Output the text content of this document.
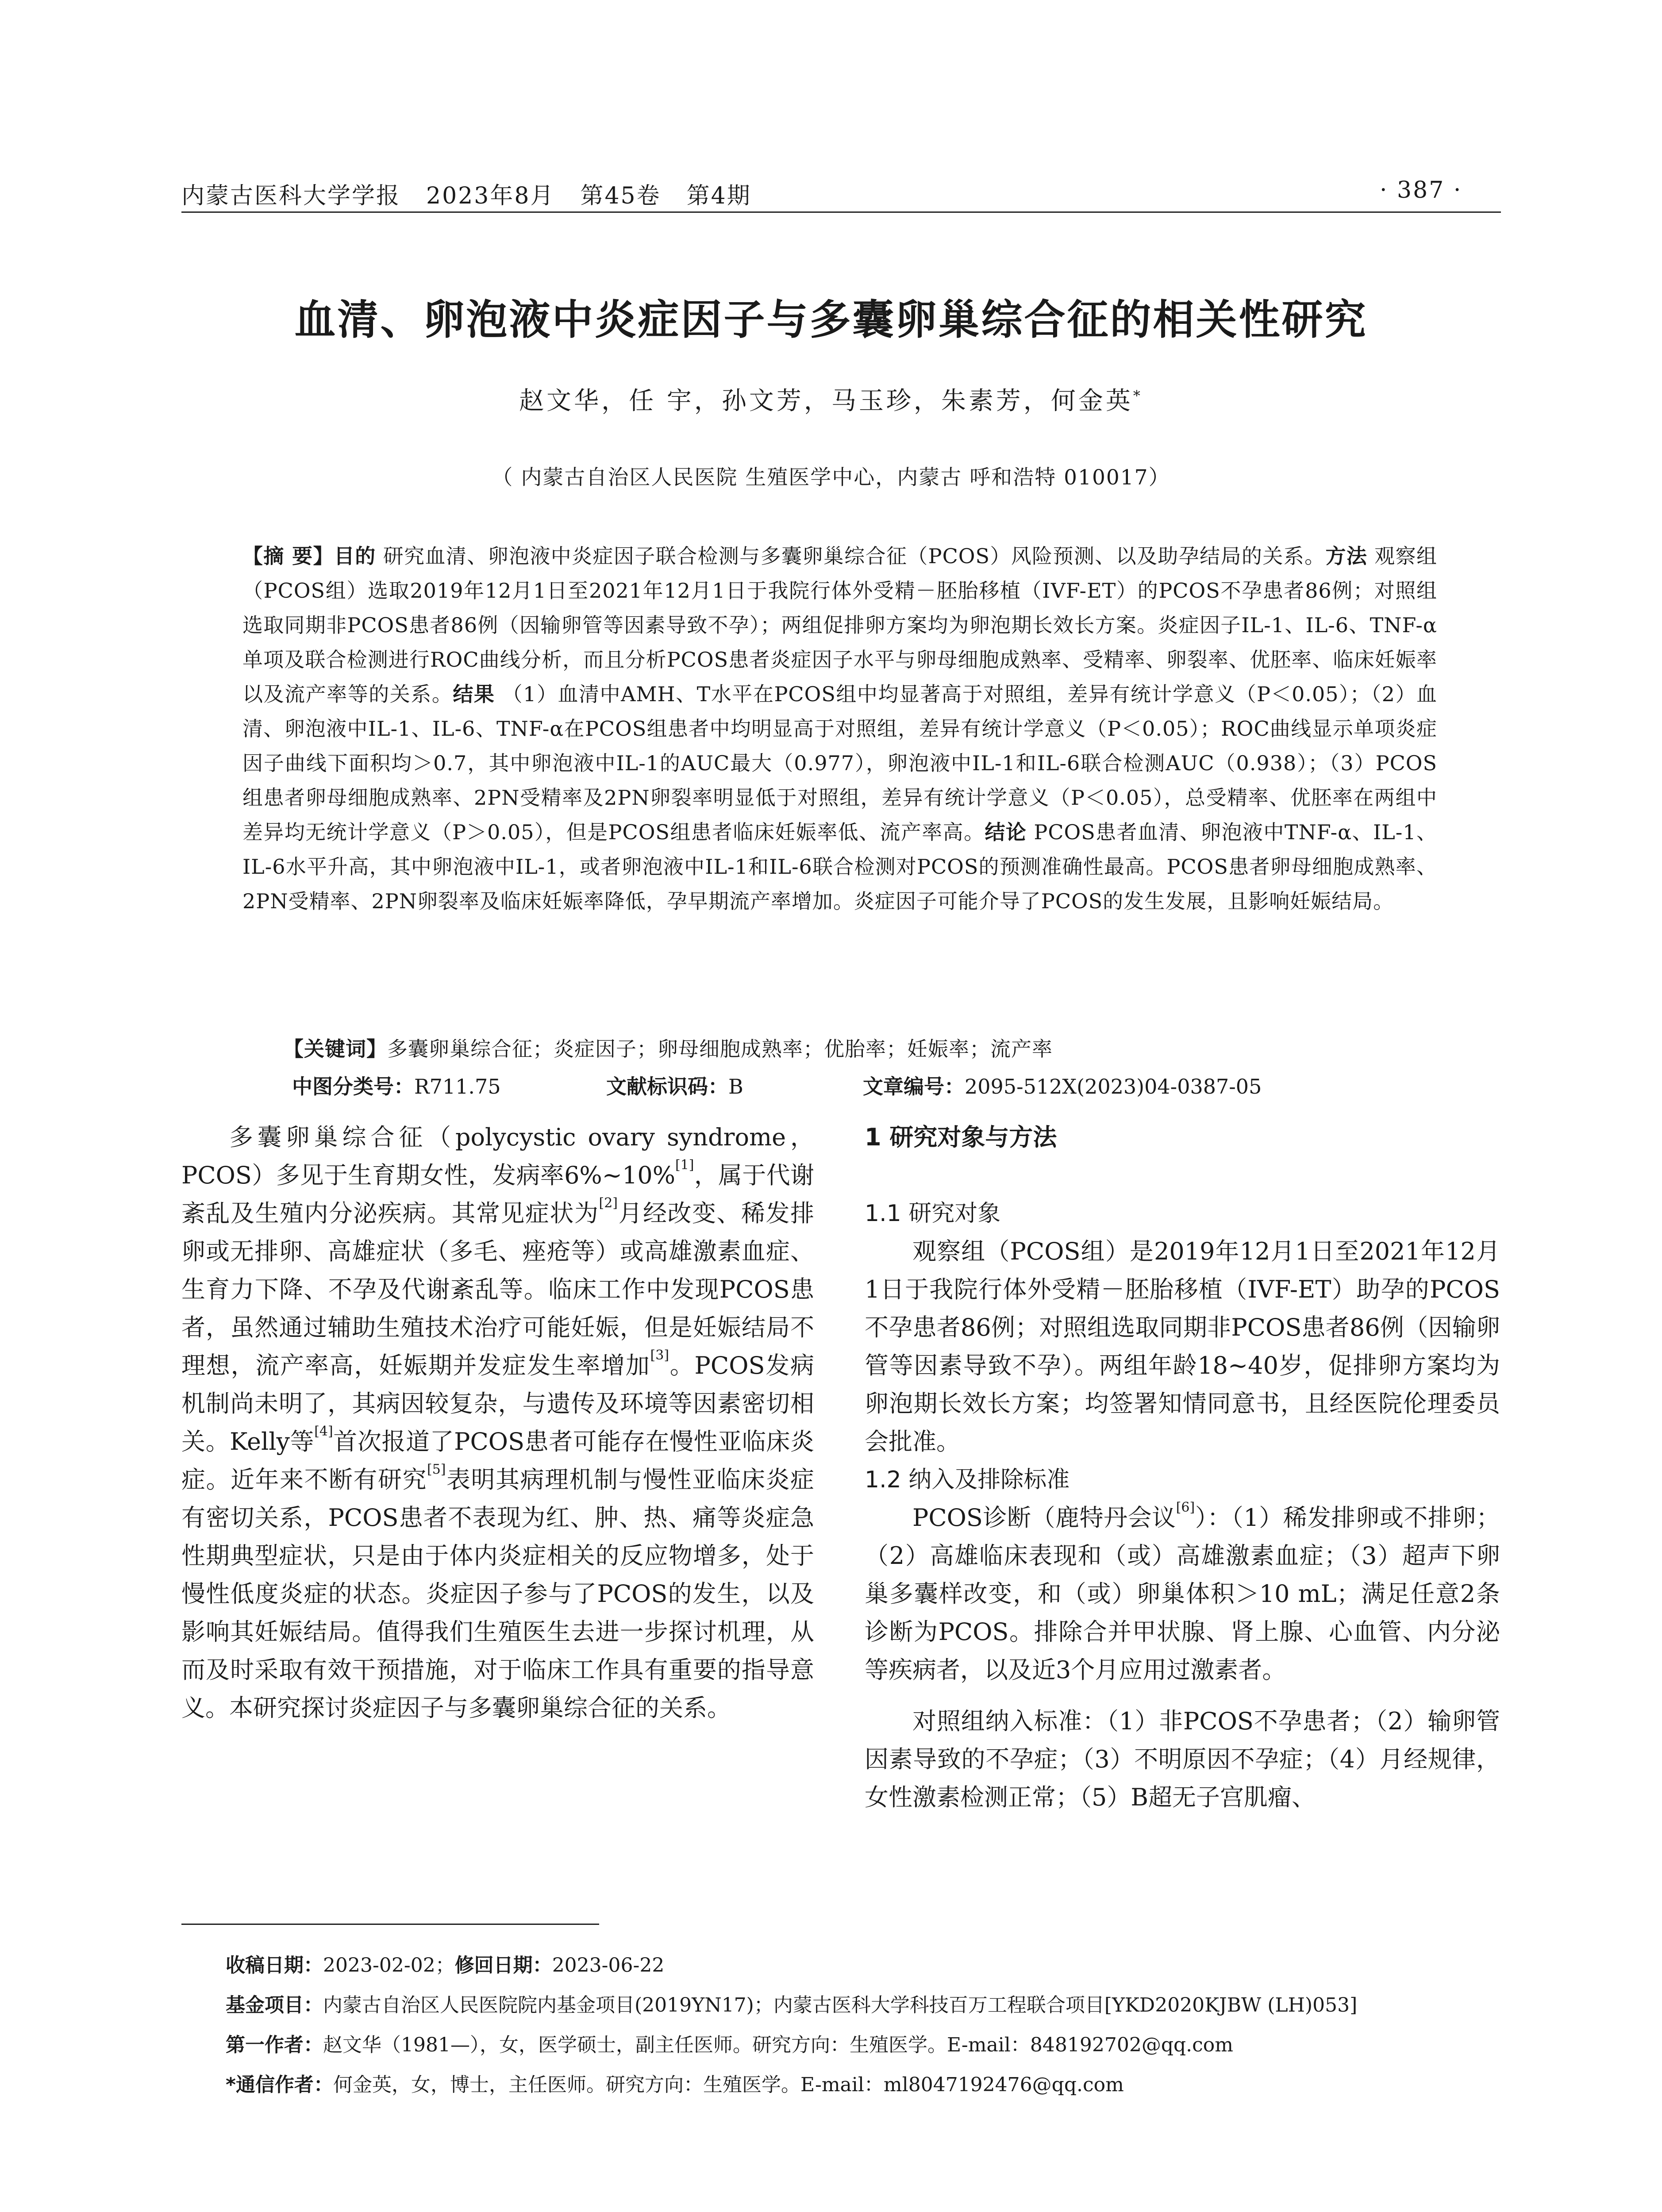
内蒙古医科大学学报 2023年8月 第45卷 第4期	· 387 ·
血清、卵泡液中炎症因子与多囊卵巢综合征的相关性研究
赵文华，任 宇，孙文芳，马玉珍，朱素芳，何金英*
（ 内蒙古自治区人民医院 生殖医学中心，内蒙古 呼和浩特 010017）
【摘 要】目的 研究血清、卵泡液中炎症因子联合检测与多囊卵巢综合征（PCOS）风险预测、以及助孕结局的关系。方法 观察组（PCOS组）选取2019年12月1日至2021年12月1日于我院行体外受精－胚胎移植（IVF-ET）的PCOS不孕患者86例；对照组选取同期非PCOS患者86例（因输卵管等因素导致不孕）；两组促排卵方案均为卵泡期长效长方案。炎症因子IL-1、IL-6、TNF-α单项及联合检测进行ROC曲线分析，而且分析PCOS患者炎症因子水平与卵母细胞成熟率、受精率、卵裂率、优胚率、临床妊娠率以及流产率等的关系。结果 （1）血清中AMH、T水平在PCOS组中均显著高于对照组，差异有统计学意义（P＜0.05）；（2）血清、卵泡液中IL-1、IL-6、TNF-α在PCOS组患者中均明显高于对照组，差异有统计学意义（P＜0.05）；ROC曲线显示单项炎症因子曲线下面积均＞0.7，其中卵泡液中IL-1的AUC最大（0.977），卵泡液中IL-1和IL-6联合检测AUC（0.938）；（3）PCOS组患者卵母细胞成熟率、2PN受精率及2PN卵裂率明显低于对照组，差异有统计学意义（P＜0.05），总受精率、优胚率在两组中差异均无统计学意义（P＞0.05），但是PCOS组患者临床妊娠率低、流产率高。结论 PCOS患者血清、卵泡液中TNF-α、IL-1、IL-6水平升高，其中卵泡液中IL-1，或者卵泡液中IL-1和IL-6联合检测对PCOS的预测准确性最高。PCOS患者卵母细胞成熟率、2PN受精率、2PN卵裂率及临床妊娠率降低，孕早期流产率增加。炎症因子可能介导了PCOS的发生发展，且影响妊娠结局。
【关键词】多囊卵巢综合征；炎症因子；卵母细胞成熟率；优胎率；妊娠率；流产率
中图分类号：R711.75	文献标识码：B	文章编号：2095-512X(2023)04-0387-05

多囊卵巢综合征（polycystic ovary syndrome，PCOS）多见于生育期女性，发病率6%~10%[1]，属于代谢紊乱及生殖内分泌疾病。其常见症状为[2]月经改变、稀发排卵或无排卵、高雄症状（多毛、痤疮等）或高雄激素血症、生育力下降、不孕及代谢紊乱等。临床工作中发现PCOS患者，虽然通过辅助生殖技术治疗可能妊娠，但是妊娠结局不理想，流产率高，妊娠期并发症发生率增加[3]。PCOS发病机制尚未明了，其病因较复杂，与遗传及环境等因素密切相关。Kelly等[4]首次报道了PCOS患者可能存在慢性亚临床炎症。近年来不断有研究[5]表明其病理机制与慢性亚临床炎症有密切关系，PCOS患者不表现为红、肿、热、痛等炎症急性期典型症状，只是由于体内炎症相关的反应物增多，处于慢性低度炎症的状态。炎症因子参与了PCOS的发生，以及影响其妊娠结局。值得我们生殖医生去进一步探讨机理，从而及时采取有效干预措施，对于临床工作具有重要的指导意义。本研究探讨炎症因子与多囊卵巢综合征的关系。

1 研究对象与方法
1.1 研究对象

观察组（PCOS组）是2019年12月1日至2021年12月1日于我院行体外受精－胚胎移植（IVF-ET）助孕的PCOS不孕患者86例；对照组选取同期非PCOS患者86例（因输卵管等因素导致不孕）。两组年龄18~40岁，促排卵方案均为卵泡期长效长方案；均签署知情同意书，且经医院伦理委员会批准。

1.2 纳入及排除标准

PCOS诊断（鹿特丹会议[6]）：（1）稀发排卵或不排卵；（2）高雄临床表现和（或）高雄激素血症；（3）超声下卵巢多囊样改变，和（或）卵巢体积＞10 mL；满足任意2条诊断为PCOS。排除合并甲状腺、肾上腺、心血管、内分泌等疾病者，以及近3个月应用过激素者。

对照组纳入标准：（1）非PCOS不孕患者；（2）输卵管因素导致的不孕症；（3）不明原因不孕症；（4）月经规律，女性激素检测正常；（5）B超无子宫肌瘤、

收稿日期：2023-02-02；修回日期：2023-06-22
基金项目：内蒙古自治区人民医院院内基金项目(2019YN17)；内蒙古医科大学科技百万工程联合项目[YKD2020KJBW (LH)053]
第一作者：赵文华（1981—），女，医学硕士，副主任医师。研究方向：生殖医学。E-mail：848192702@qq.com
*通信作者：何金英，女，博士，主任医师。研究方向：生殖医学。E-mail：ml8047192476@qq.com
